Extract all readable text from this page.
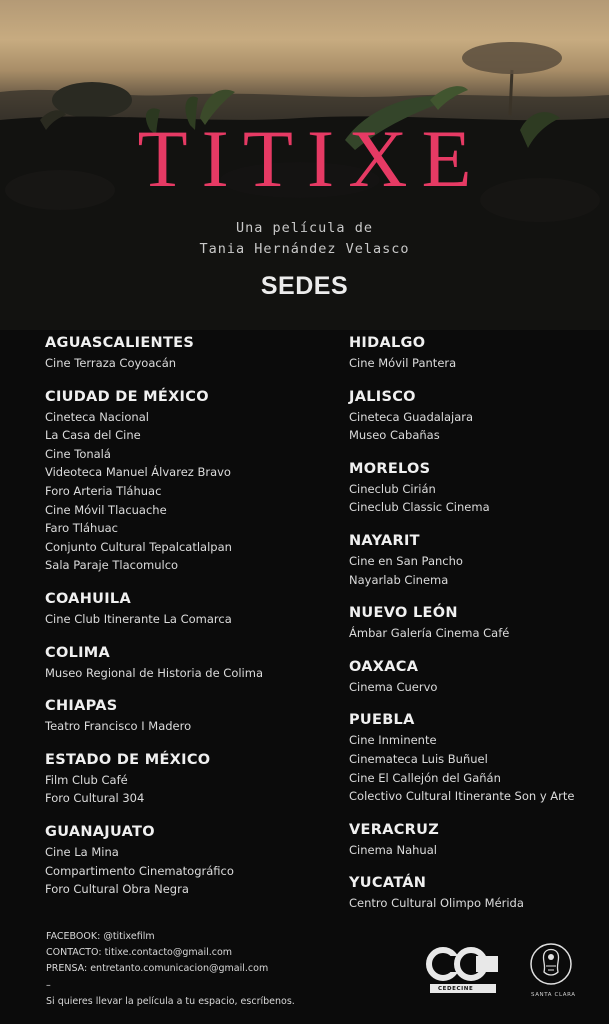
TITIXE
Una película de
Tania Hernández Velasco
SEDES
AGUASCALIENTES
Cine Terraza Coyoacán
CIUDAD DE MÉXICO
Cineteca Nacional
La Casa del Cine
Cine Tonalá
Videoteca Manuel Álvarez Bravo
Foro Arteria Tláhuac
Cine Móvil Tlacuache
Faro Tláhuac
Conjunto Cultural Tepalcatlalpan
Sala Paraje Tlacomulco
COAHUILA
Cine Club Itinerante La Comarca
COLIMA
Museo Regional de Historia de Colima
CHIAPAS
Teatro Francisco I Madero
ESTADO DE MÉXICO
Film Club Café
Foro Cultural 304
GUANAJUATO
Cine La Mina
Compartimento Cinematográfico
Foro Cultural Obra Negra
HIDALGO
Cine Móvil Pantera
JALISCO
Cineteca Guadalajara
Museo Cabañas
MORELOS
Cineclub Cirián
Cineclub Classic Cinema
NAYARIT
Cine en San Pancho
Nayarlab Cinema
NUEVO LEÓN
Ámbar Galería Cinema Café
OAXACA
Cinema Cuervo
PUEBLA
Cine Inminente
Cinemateca Luis Buñuel
Cine El Callejón del Gañán
Colectivo Cultural Itinerante Son y Arte
VERACRUZ
Cinema Nahual
YUCATÁN
Centro Cultural Olimpo Mérida
FACEBOOK: @titixefilm
CONTACTO: titixe.contacto@gmail.com
PRENSA: entretanto.comunicacion@gmail.com
–
Si quieres llevar la película a tu espacio, escríbenos.
CEDECINE
SANTA CLARA
